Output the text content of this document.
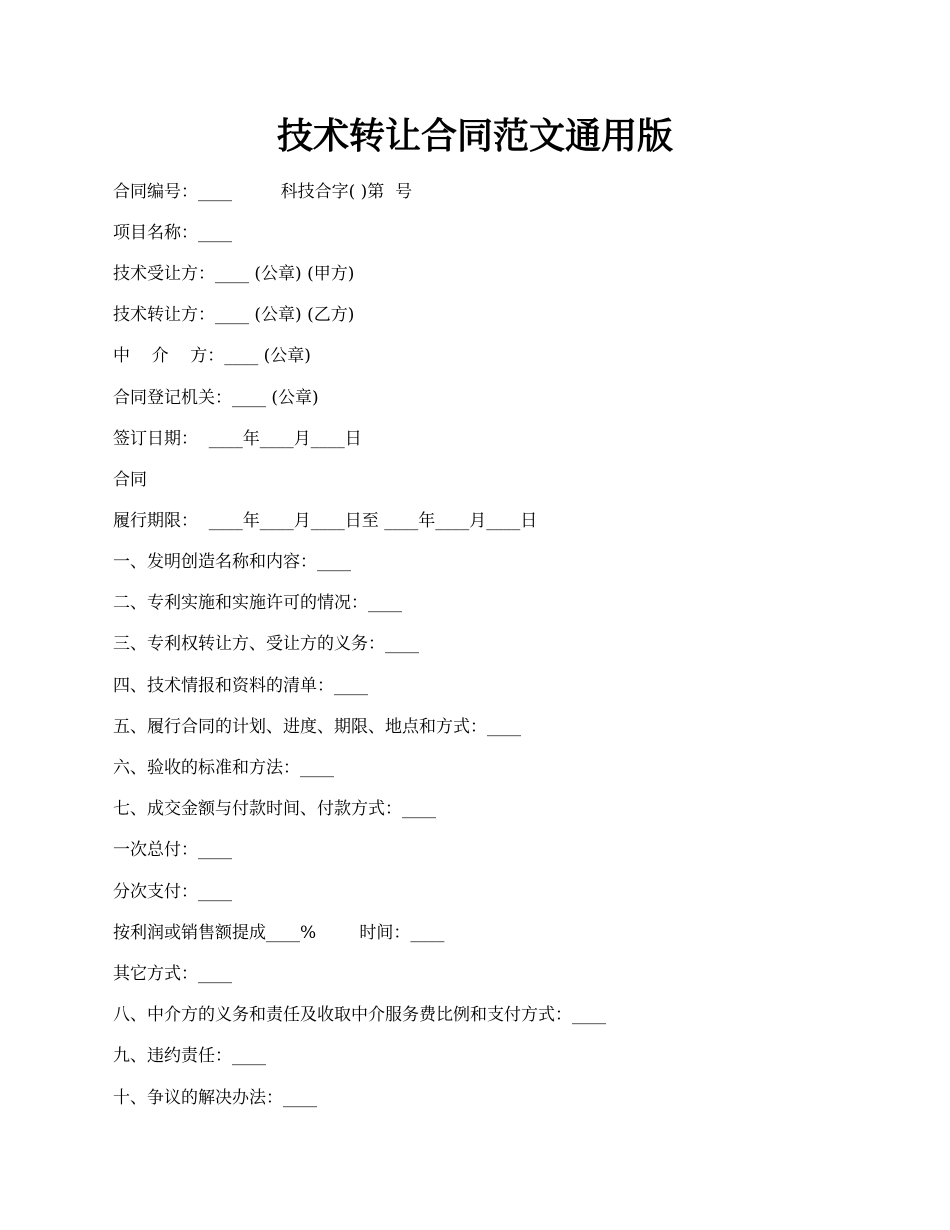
技术转让合同范文通用版
合同编号：____         科技合字( )第  号
项目名称：____
技术受让方：____ (公章) (甲方)
技术转让方：____ (公章) (乙方)
中    介    方：____ (公章)
合同登记机关：____ (公章)
签订日期：  ____年____月____日
合同
履行期限：  ____年____月____日至 ____年____月____日
一、发明创造名称和内容：____
二、专利实施和实施许可的情况：____
三、专利权转让方、受让方的义务：____
四、技术情报和资料的清单：____
五、履行合同的计划、进度、期限、地点和方式：____
六、验收的标准和方法：____
七、成交金额与付款时间、付款方式：____
一次总付：____
分次支付：____
按利润或销售额提成____%        时间：____
其它方式：____
八、中介方的义务和责任及收取中介服务费比例和支付方式：____
九、违约责任：____
十、争议的解决办法：____
